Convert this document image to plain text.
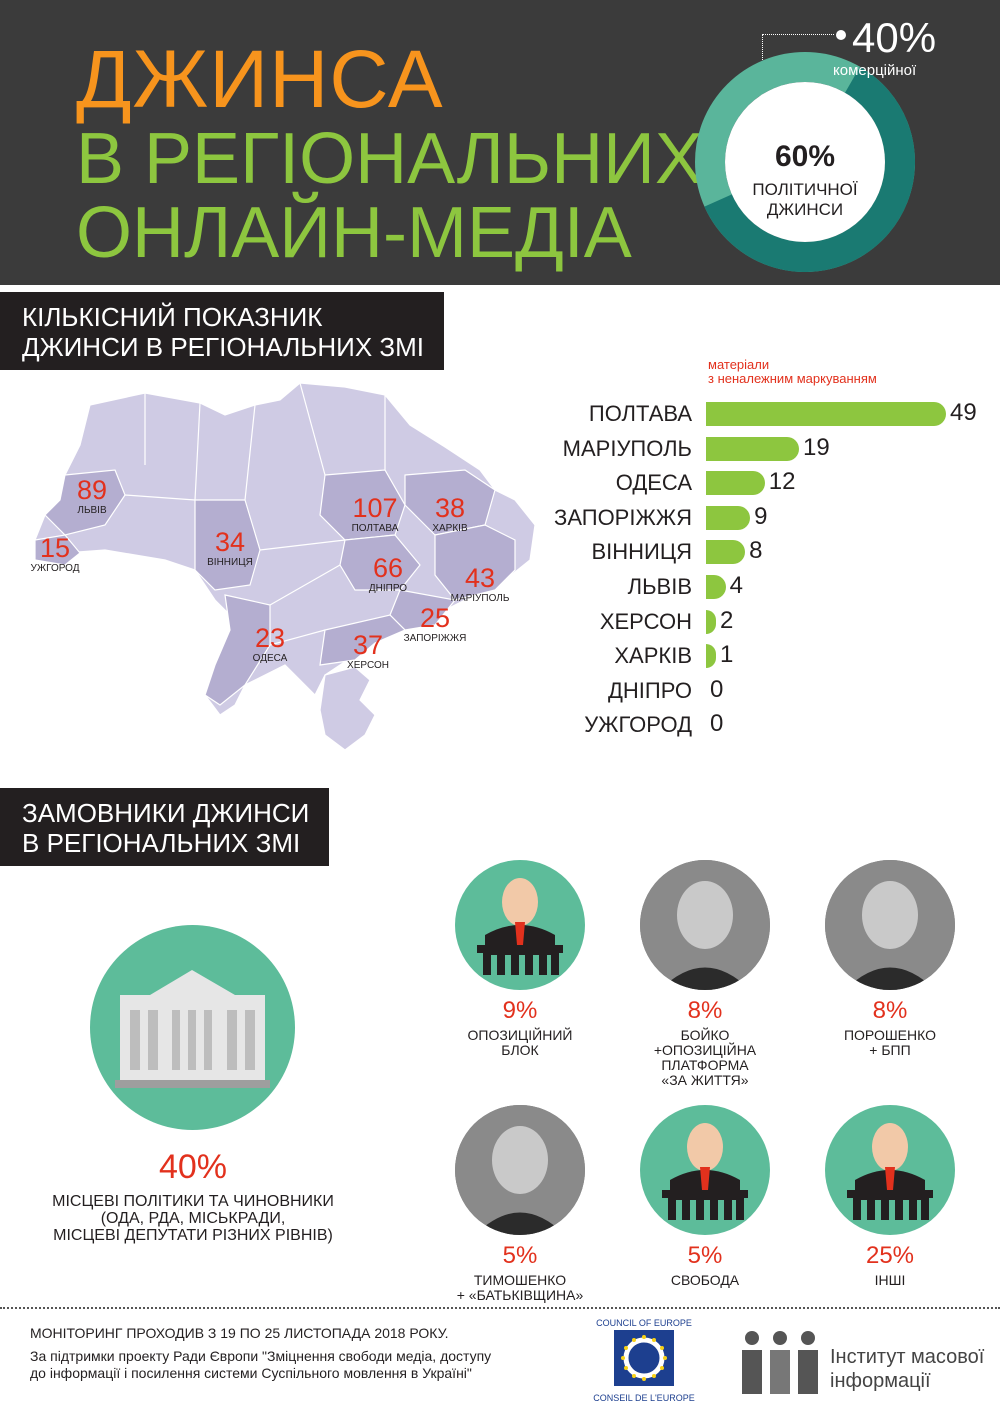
ДЖИНСА
В РЕГІОНАЛЬНИХ
ОНЛАЙН-МЕДІА
40%
комерційної
60%
ПОЛІТИЧНОЇ
ДЖИНСИ
КІЛЬКІСНИЙ ПОКАЗНИК
ДЖИНСИ В РЕГІОНАЛЬНИХ ЗМІ
89
ЛЬВІВ
15
УЖГОРОД
34
ВІННИЦЯ
107
ПОЛТАВА
38
ХАРКІВ
66
ДНІПРО	43
МАРІУПОЛЬ
25
ЗАПОРІЖЖЯ
23
ОДЕСА	37
ХЕРСОН
матеріали
з неналежним маркуванням
ПОЛТАВА	49
МАРІУПОЛЬ	19
ОДЕСА	12
ЗАПОРІЖЖЯ	9
ВІННИЦЯ 8
ЛЬВІВ 4
ХЕРСОН 2
ХАРКІВ 1
ДНІПРО 0
УЖГОРОД 0
ЗАМОВНИКИ ДЖИНСИ
В РЕГІОНАЛЬНИХ ЗМІ
40%
МІСЦЕВІ ПОЛІТИКИ ТА ЧИНОВНИКИ
(ОДА, РДА, МІСЬКРАДИ,
МІСЦЕВІ ДЕПУТАТИ РІЗНИХ РІВНІВ)
9%
ОПОЗИЦІЙНИЙ
БЛОК
8%
БОЙКО
+ОПОЗИЦІЙНА ПЛАТФОРМА
«ЗА ЖИТТЯ»
8%
ПОРОШЕНКО
+ БПП
5%
ТИМОШЕНКО
+ «БАТЬКІВЩИНА»
5%
СВОБОДА
25%
ІНШІ
МОНІТОРИНГ ПРОХОДИВ З 19 ПО 25 ЛИСТОПАДА 2018 РОКУ.
За підтримки проекту Ради Європи "Зміцнення свободи медіа, доступу до інформації і посилення системи Суспільного мовлення в Україні"
COUNCIL OF EUROPE
CONSEIL DE L'EUROPE
Інститут масової
інформації
